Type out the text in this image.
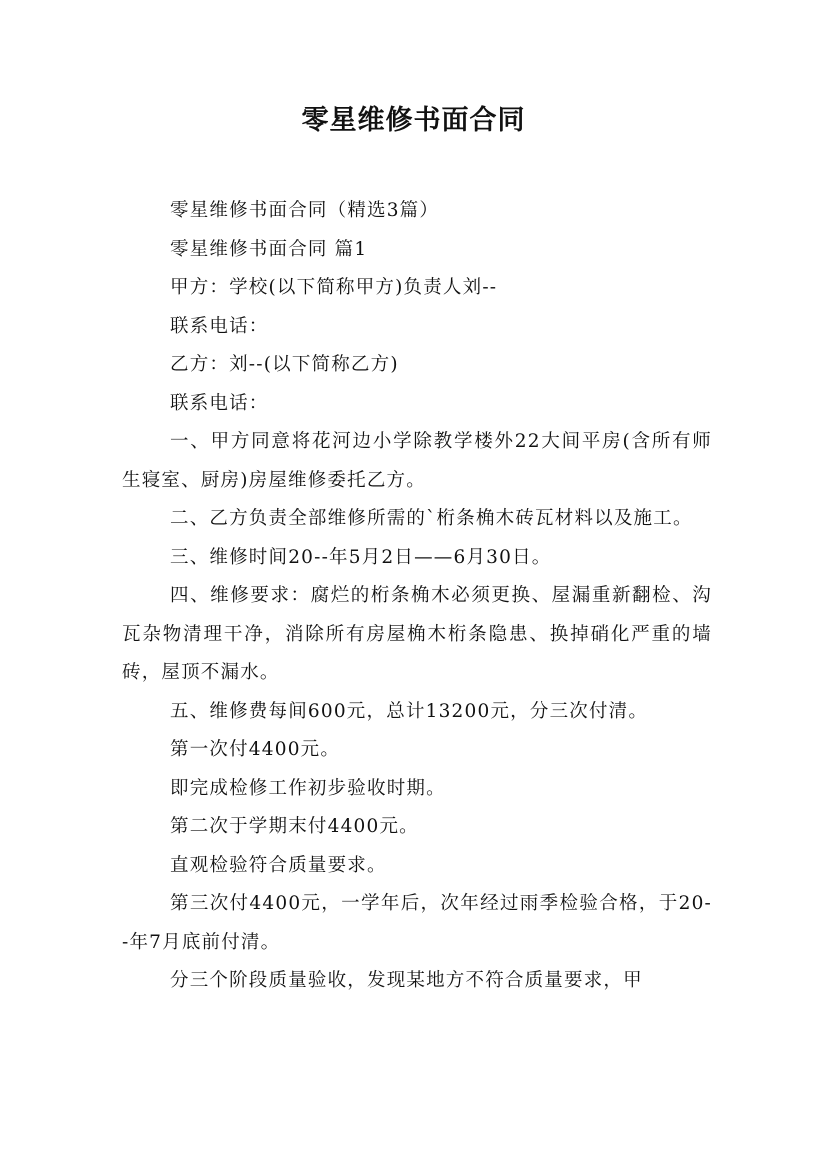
零星维修书面合同

零星维修书面合同（精选3篇）

零星维修书面合同 篇1

甲方：学校(以下简称甲方)负责人刘--

联系电话：

乙方：刘--(以下简称乙方)

联系电话：

一、甲方同意将花河边小学除教学楼外22大间平房(含所有师生寝室、厨房)房屋维修委托乙方。

二、乙方负责全部维修所需的`桁条桷木砖瓦材料以及施工。

三、维修时间20--年5月2日——6月30日。

四、维修要求：腐烂的桁条桷木必须更换、屋漏重新翻检、沟瓦杂物清理干净，消除所有房屋桷木桁条隐患、换掉硝化严重的墙砖，屋顶不漏水。

五、维修费每间600元，总计13200元，分三次付清。

第一次付4400元。

即完成检修工作初步验收时期。

第二次于学期末付4400元。

直观检验符合质量要求。

第三次付4400元，一学年后，次年经过雨季检验合格，于20--年7月底前付清。

分三个阶段质量验收，发现某地方不符合质量要求，甲
